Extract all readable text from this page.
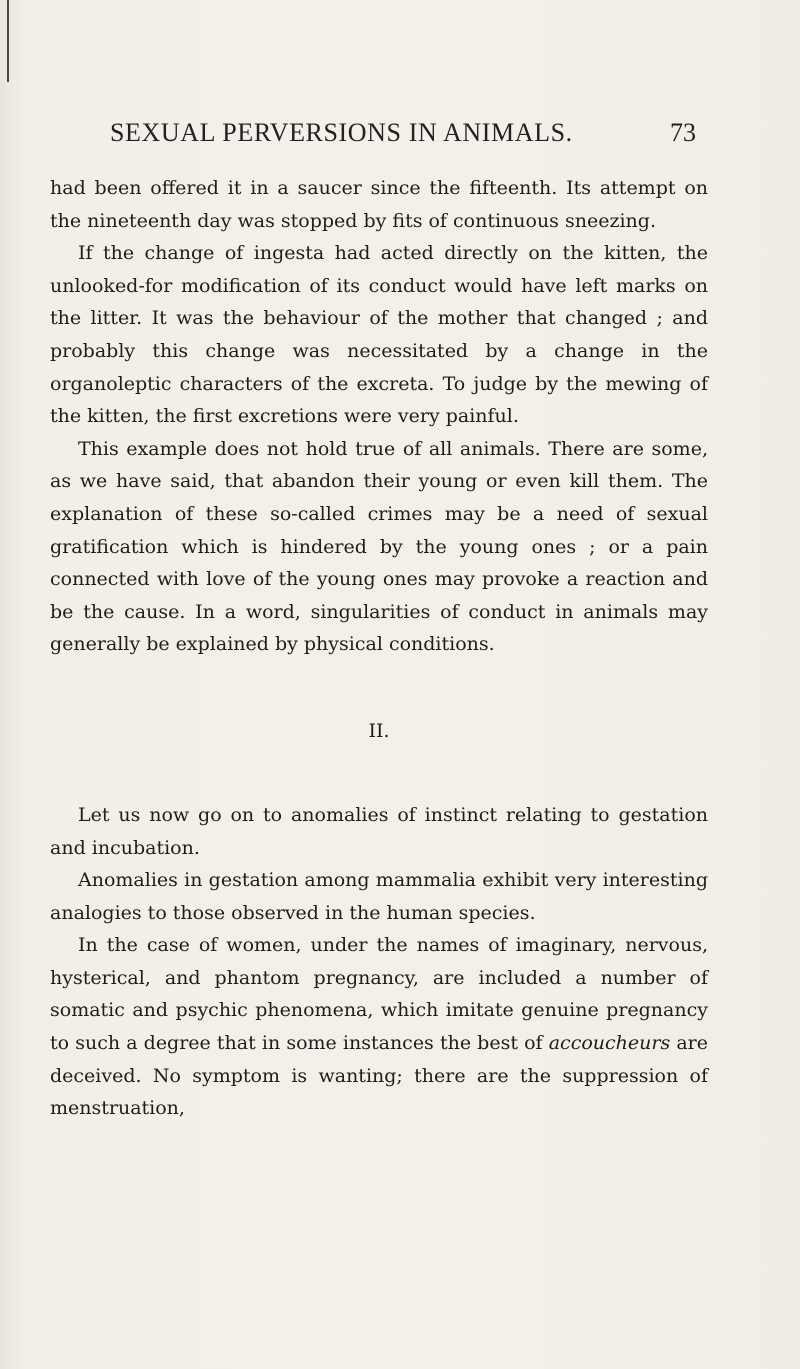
SEXUAL PERVERSIONS IN ANIMALS.	73

had been offered it in a saucer since the fifteenth. Its attempt on the nineteenth day was stopped by fits of continuous sneezing.

If the change of ingesta had acted directly on the kitten, the unlooked-for modification of its conduct would have left marks on the litter. It was the behaviour of the mother that changed ; and probably this change was necessitated by a change in the organoleptic characters of the excreta. To judge by the mewing of the kitten, the first excretions were very painful.

This example does not hold true of all animals. There are some, as we have said, that abandon their young or even kill them. The explanation of these so-called crimes may be a need of sexual gratification which is hindered by the young ones ; or a pain connected with love of the young ones may provoke a reaction and be the cause. In a word, singularities of conduct in animals may generally be explained by physical conditions.

II.

Let us now go on to anomalies of instinct relating to gestation and incubation.

Anomalies in gestation among mammalia exhibit very interesting analogies to those observed in the human species.

In the case of women, under the names of imaginary, nervous, hysterical, and phantom pregnancy, are included a number of somatic and psychic phenomena, which imitate genuine pregnancy to such a degree that in some instances the best of accoucheurs are deceived. No symptom is wanting; there are the suppression of menstruation,
